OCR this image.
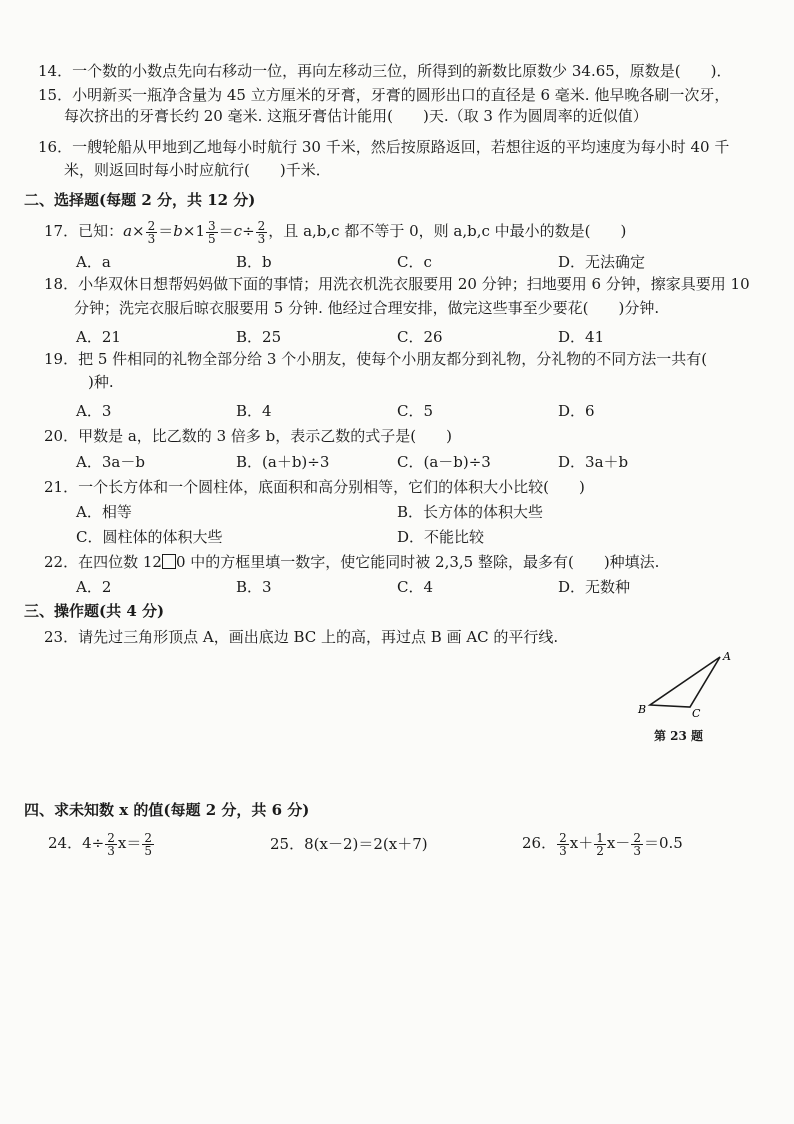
14．一个数的小数点先向右移动一位，再向左移动三位，所得到的新数比原数少 34.65，原数是(　　)．
15．小明新买一瓶净含量为 45 立方厘米的牙膏，牙膏的圆形出口的直径是 6 毫米. 他早晚各刷一次牙，
每次挤出的牙膏长约 20 毫米. 这瓶牙膏估计能用(　　)天.（取 3 作为圆周率的近似值）
16．一艘轮船从甲地到乙地每小时航行 30 千米，然后按原路返回，若想往返的平均速度为每小时 40 千
米，则返回时每小时应航行(　　)千米．
二、选择题(每题 2 分，共 12 分)
17．已知：$a\times \frac{2}{3} =b\times 1 \frac{3}{5} =c\div \frac{2}{3}$ ，且 a,b,c 都不等于 0，则 a,b,c 中最小的数是(　　)
A．a	B．b	C．c	D．无法确定
18．小华双休日想帮妈妈做下面的事情；用洗衣机洗衣服要用 20 分钟；扫地要用 6 分钟，擦家具要用 10
分钟；洗完衣服后晾衣服要用 5 分钟. 他经过合理安排，做完这些事至少要花(　　)分钟.
A．21	B．25	C．26	D．41
19．把 5 件相同的礼物全部分给 3 个小朋友，使每个小朋友都分到礼物，分礼物的不同方法一共有(
)种.
A．3	B．4	C．5	D．6
20．甲数是 a，比乙数的 3 倍多 b，表示乙数的式子是(　　)
A．3a－b	B．(a＋b)÷3	C．(a－b)÷3	D．3a＋b
21．一个长方体和一个圆柱体，底面积和高分别相等，它们的体积大小比较(　　)
A．相等	B．长方体的体积大些
C．圆柱体的体积大些	D．不能比较
22．在四位数 12 0 中的方框里填一数字，使它能同时被 2,3,5 整除，最多有(　　)种填法.
A．2	B．3	C．4	D．无数种
三、操作题(共 4 分)
23．请先过三角形顶点 A，画出底边 BC 上的高，再过点 B 画 AC 的平行线.
A
B	C
第 23 题
四、求未知数 x 的值(每题 2 分，共 6 分)
24．$4\div \frac{2}{3} x= \frac{2}{5}$	25．8(x－2)＝2(x＋7)	26． $\frac{2}{3} x+ \frac{1}{2} x- \frac{2}{3} =0.5$
